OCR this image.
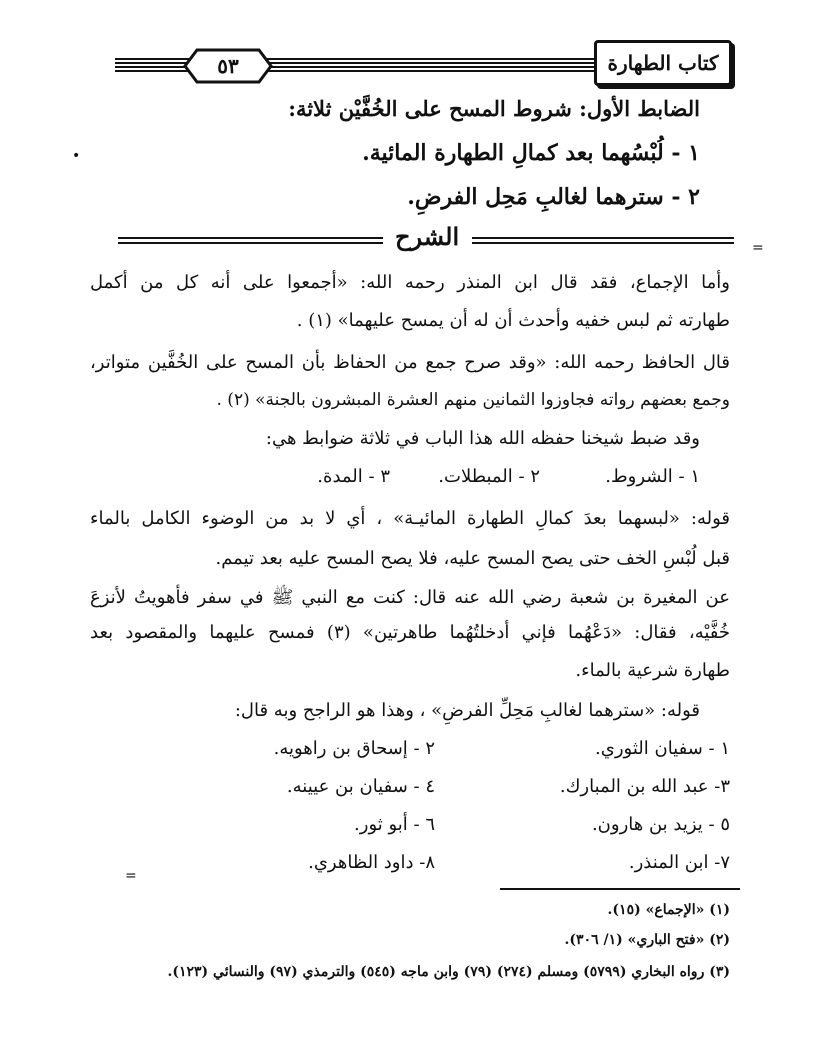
٥٣	كتاب الطهارة
الضابط الأول: شروط المسح على الخُفَّيْن ثلاثة:
١ - لُبْسُهما بعد كمالِ الطهارة المائية.
٢ - سترهما لغالبِ مَحِل الفرضِ.
الشرح	=
•
وأما الإجماع، فقد قال ابن المنذر رحمه الله: «أجمعوا على أنه كل من أكمل
طهارته ثم لبس خفيه وأحدث أن له أن يمسح عليهما» (١) .
قال الحافظ رحمه الله: «وقد صرح جمع من الحفاظ بأن المسح على الخُفَّين متواتر،
وجمع بعضهم رواته فجاوزوا الثمانين منهم العشرة المبشرون بالجنة» (٢) .
وقد ضبط شيخنا حفظه الله هذا الباب في ثلاثة ضوابط هي:
١ - الشروط.
٢ - المبطلات.
٣ - المدة.
قوله: «لبسهما بعدَ كمالِ الطهارة المائيـة» ، أي لا بد من الوضوء الكامل بالماء
قبل لُبْسِ الخف حتى يصح المسح عليه، فلا يصح المسح عليه بعد تيمم.
عن المغيرة بن شعبة رضي الله عنه قال: كنت مع النبي ﷺ في سفر فأهويتُ لأنزعَ
خُفَّيْه، فقال: «دَعْهُما فإني أدخلتُهُما طاهرتين» (٣) فمسح عليهما والمقصود بعد
طهارة شرعية بالماء.
قوله: «سترهما لغالبِ مَحِلِّ الفرضِ» ، وهذا هو الراجح وبه قال:
١ - سفيان الثوري.
٢ - إسحاق بن راهويه.
٣- عبد الله بن المبارك.
٤ - سفيان بن عيينه.
٥ - يزيد بن هارون.
٦ - أبو ثور.
٧- ابن المنذر.
٨- داود الظاهري.
=
(١) «الإجماع» (١٥).
(٢) «فتح الباري» (١/ ٣٠٦).
(٣) رواه البخاري (٥٧٩٩) ومسلم (٢٧٤) (٧٩) وابن ماجه (٥٤٥) والترمذي (٩٧) والنسائي (١٢٣).
